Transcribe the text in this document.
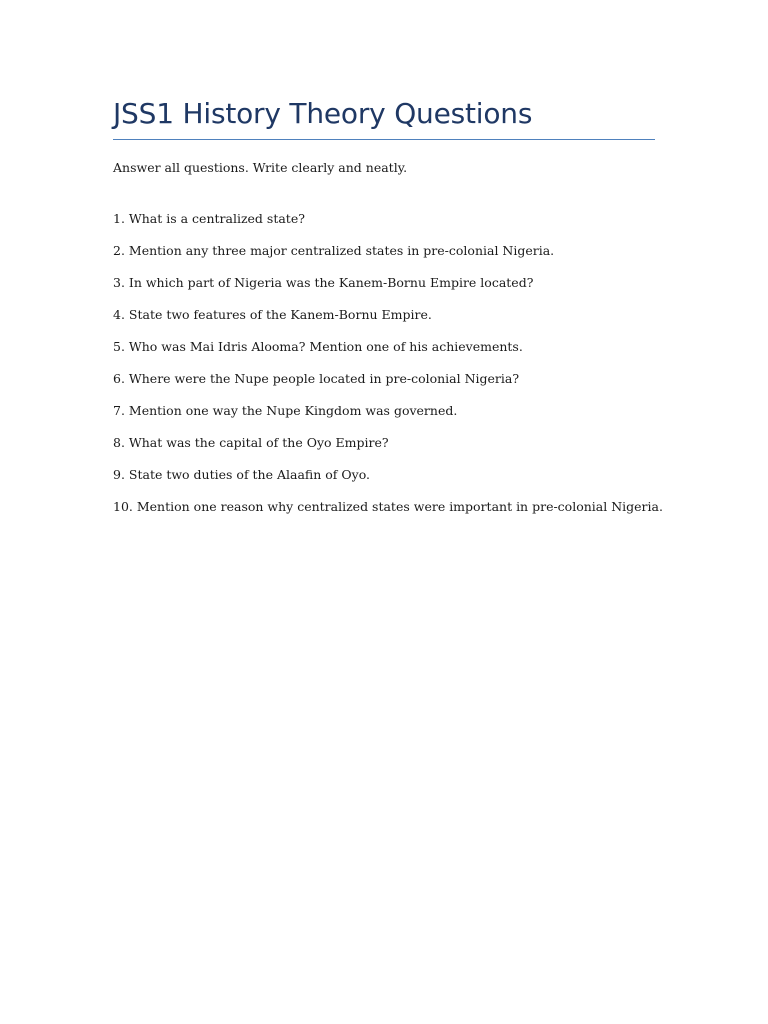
JSS1 History Theory Questions

Answer all questions. Write clearly and neatly.

1. What is a centralized state?
2. Mention any three major centralized states in pre-colonial Nigeria.
3. In which part of Nigeria was the Kanem-Bornu Empire located?
4. State two features of the Kanem-Bornu Empire.
5. Who was Mai Idris Alooma? Mention one of his achievements.
6. Where were the Nupe people located in pre-colonial Nigeria?
7. Mention one way the Nupe Kingdom was governed.
8. What was the capital of the Oyo Empire?
9. State two duties of the Alaafin of Oyo.
10. Mention one reason why centralized states were important in pre-colonial Nigeria.
